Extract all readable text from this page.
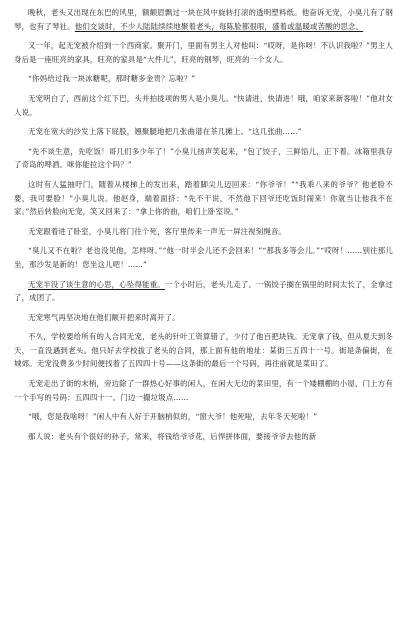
晚秋，老头又出现在东巴的风里，额额眉飘过一块在风中旋转打滚的透明塑料纸。他奋诉无宠，小臭儿有了钢琴，也有了琴社。他们交谈时，不少人陆陆续续地聚着老头，每陈脸都很哏，盛着或温暖或苦酸的思念。

又一年，起无宠被介绍到一个西商家。聚开门，里面有男主人对他叫：“哎呀，是你呀！不认识我啦？”男主人身后是一座旺亮的家具，旺亮的家具是“大件儿”，旺亮的钢琴，旺亮的一个女人。

“你妈给过我一块冰糖呢，那时糖多金贵？忘啦？”

无宠明白了，西前这个红下巴，头并拍拢项的男人是小臭儿。“快请进，快请进！哦，咱家来新客啦！”他对女人说。

无宠在宽大的沙发上落下屁股，翘聚腿地把几张曲谱在茶几摊上。“这几张曲……”

“先不谈生意，先吃饭！哥几们多少年了！”小臭儿扬声笑起来，“包了饺子，三鲜馅儿，正下着。冰箱里我存了奇岛的啤酒。咪你能拉这个吗？”

这时有人猛抽吁门，随着从楼梯上的发出来，踏着脚尖儿迈回来：“你爷爷！”“我乖八来的爷爷？他老脸不要，我可要脸！”小臭儿说。他赵身，端着面挤：“先不干说，不然他下回爷还吃饭时闹来！你就当让他我不在家。”然后转脸向无宠，笑又回来了：“拿上你的曲，咱们上卧室说。”

无宠跟着进了卧室，小臭儿将门往个死，客厅里传来一声无一屏注视刻绳音。

“臭儿又不在啦？老也没见他，怎样呀。”“他一时半会儿还不会回来！”“那我多等会儿。”“哎呀！……别往那儿坐，那沙发是新的！您坐这儿吧！……”

无宠半没了谈生意的心思，心坠得能重。一个小时后，老头儿走了。一锅饺子搁在锅里的时间太长了，全拿过了，成团了。

无宠寒气再坚决地在他们额开把来时离开了。

不久，学校要给所有的人合同无宠，老头的针叶工资算错了，少付了他百把块钱。无宠拿了钱，但从夏天到冬天，一直没遇到老头。他只好去学校拔了老头的合同，那上面有他的地址：某街三五四十一号。街是条偏街，在城郊。无宠没费多少时间便找着了五四四十号——这条街的最后一个号码，再往前就是菜田了。

无宠走出了街的末梢，旁边除了一群热心好事的闲人，在闲大无边的菜田里，有一个矮棚棚的小屋，门上方有一个手写的号码：五四四十一。门边一撮垃圾点……

“哦，您是我啥呀！”闲人中有人好于开脑梢似的，“窗大爷！他死啦，去年冬天死啦！”

那人说：老头有个很好的孙子，常来，将钱给爷爷花，后悍拼体面，要接爷爷去他的新
